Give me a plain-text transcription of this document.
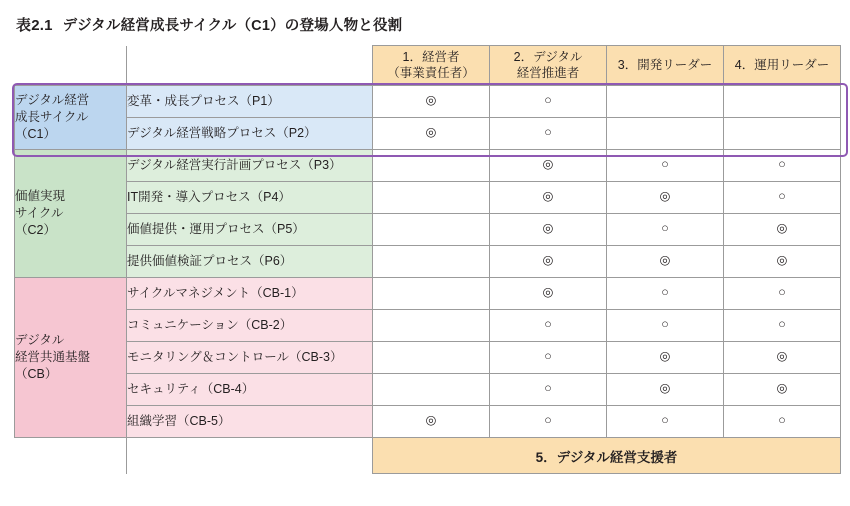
表2.1 デジタル経営成長サイクル（C1）の登場人物と役割

1．経営者
（事業責任者）

2．デジタル
経営推進者

3．開発リーダー	4．運用リーダー

デジタル経営
成長サイクル
（C1）	変革・成長プロセス（P1）	◎	○		
	デジタル経営戦略プロセス（P2）	◎	○		

価値実現
サイクル
（C2）	デジタル経営実行計画プロセス（P3）		◎	○	○
	IT開発・導入プロセス（P4）		◎	◎	○
	価値提供・運用プロセス（P5）		◎	○	◎
	提供価値検証プロセス（P6）		◎	◎	◎

デジタル
経営共通基盤
（CB）	サイクルマネジメント（CB-1）		◎	○	○
	コミュニケーション（CB-2）		○	○	○
	モニタリング＆コントロール（CB-3）		○	◎	◎
	セキュリティ（CB-4）		○	◎	◎
	組織学習（CB-5）	◎	○	○	○
		5．デジタル経営支援者			
